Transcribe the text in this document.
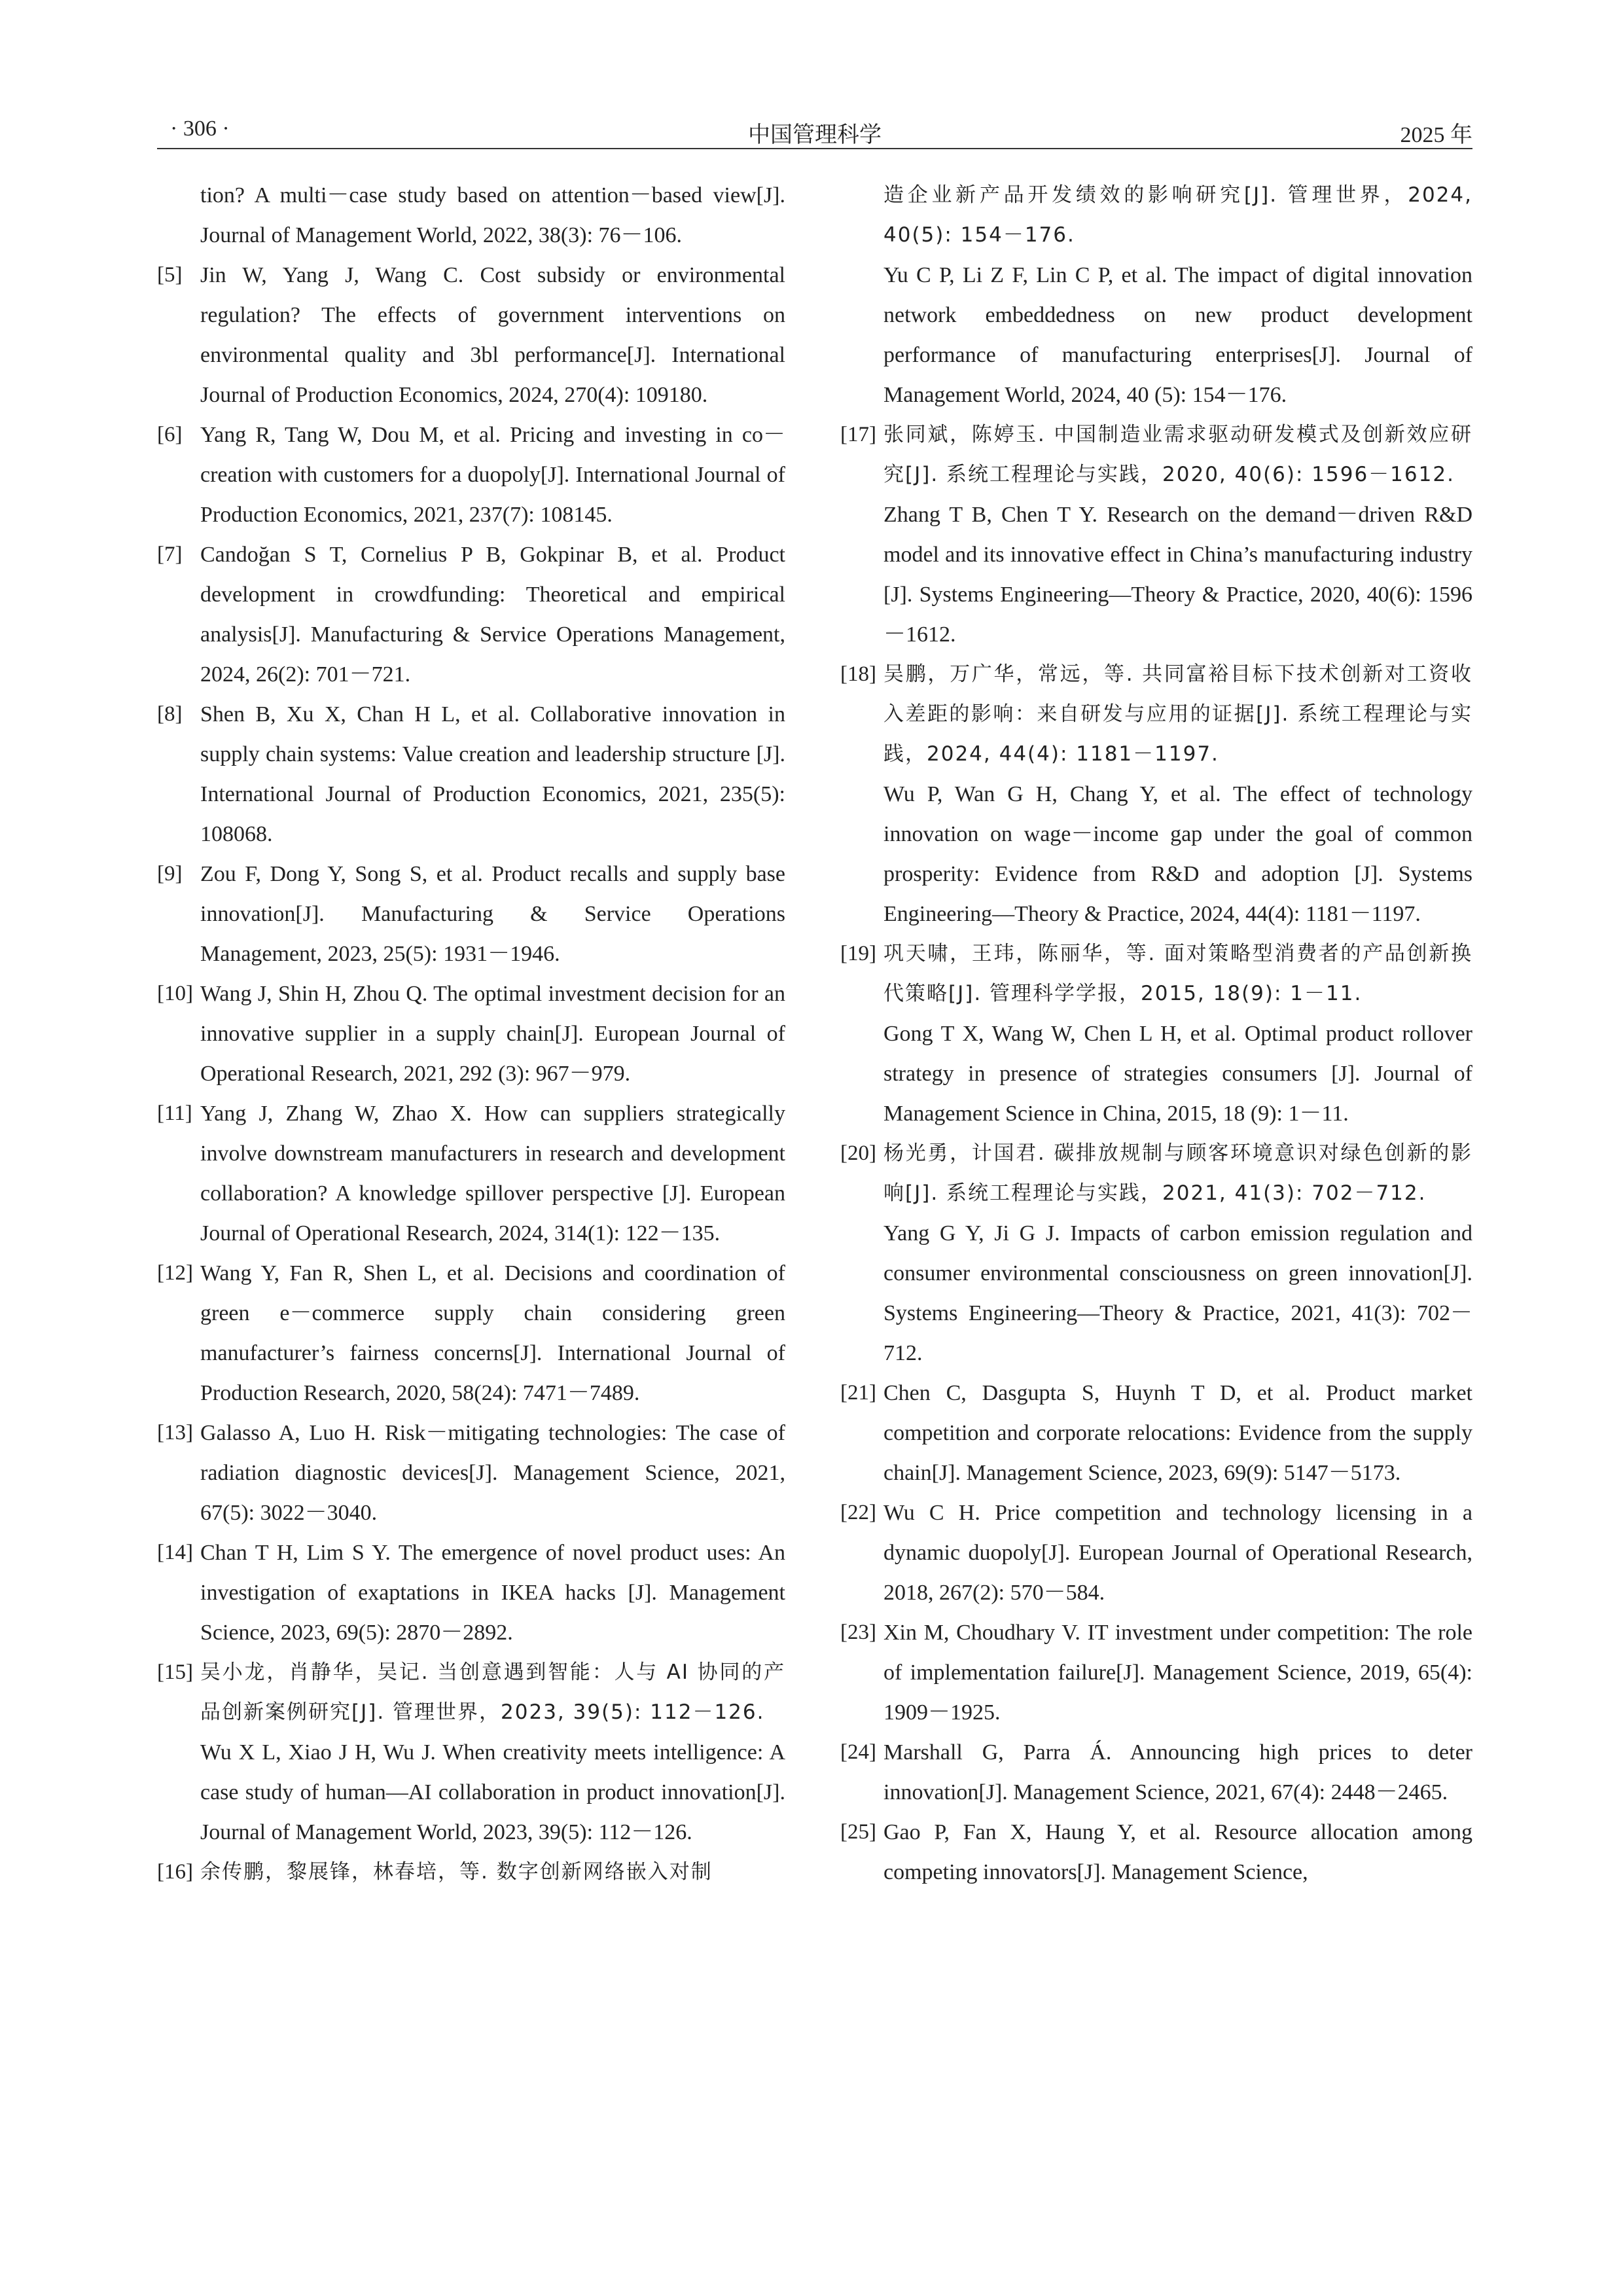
· 306 ·	中国管理科学	2025 年

tion? A multi－case study based on attention－based view[J]. Journal of Management World, 2022, 38(3): 76－106.

[5] Jin W, Yang J, Wang C. Cost subsidy or environmental regulation? The effects of government interventions on environmental quality and 3bl performance[J]. International Journal of Production Economics, 2024, 270(4): 109180.

[6] Yang R, Tang W, Dou M, et al. Pricing and investing in co－creation with customers for a duopoly[J]. International Journal of Production Economics, 2021, 237(7): 108145.

[7] Candoğan S T, Cornelius P B, Gokpinar B, et al. Product development in crowdfunding: Theoretical and empirical analysis[J]. Manufacturing & Service Operations Management, 2024, 26(2): 701－721.

[8] Shen B, Xu X, Chan H L, et al. Collaborative innovation in supply chain systems: Value creation and leadership structure [J]. International Journal of Production Economics, 2021, 235(5): 108068.

[9] Zou F, Dong Y, Song S, et al. Product recalls and supply base innovation[J]. Manufacturing & Service Operations Management, 2023, 25(5): 1931－1946.

[10] Wang J, Shin H, Zhou Q. The optimal investment decision for an innovative supplier in a supply chain[J]. European Journal of Operational Research, 2021, 292 (3): 967－979.

[11] Yang J, Zhang W, Zhao X. How can suppliers strategically involve downstream manufacturers in research and development collaboration? A knowledge spillover perspective [J]. European Journal of Operational Research, 2024, 314(1): 122－135.

[12] Wang Y, Fan R, Shen L, et al. Decisions and coordination of green e－commerce supply chain considering green manufacturer’s fairness concerns[J]. International Journal of Production Research, 2020, 58(24): 7471－7489.

[13] Galasso A, Luo H. Risk－mitigating technologies: The case of radiation diagnostic devices[J]. Management Science, 2021, 67(5): 3022－3040.

[14] Chan T H, Lim S Y. The emergence of novel product uses: An investigation of exaptations in IKEA hacks [J]. Management Science, 2023, 69(5): 2870－2892.

[15] 吴小龙，肖静华，吴记. 当创意遇到智能：人与 AI 协同的产品创新案例研究[J]. 管理世界，2023, 39(5): 112－126.

Wu X L, Xiao J H, Wu J. When creativity meets intelligence: A case study of human—AI collaboration in product innovation[J]. Journal of Management World, 2023, 39(5): 112－126.

[16] 余传鹏，黎展锋，林春培，等. 数字创新网络嵌入对制

造企业新产品开发绩效的影响研究[J]. 管理世界，2024, 40(5): 154－176.

Yu C P, Li Z F, Lin C P, et al. The impact of digital innovation network embeddedness on new product development performance of manufacturing enterprises[J]. Journal of Management World, 2024, 40 (5): 154－176.

[17] 张同斌，陈婷玉. 中国制造业需求驱动研发模式及创新效应研究[J]. 系统工程理论与实践，2020, 40(6): 1596－1612.

Zhang T B, Chen T Y. Research on the demand－driven R&D model and its innovative effect in China’s manufacturing industry [J]. Systems Engineering—Theory & Practice, 2020, 40(6): 1596－1612.

[18] 吴鹏，万广华，常远，等. 共同富裕目标下技术创新对工资收入差距的影响：来自研发与应用的证据[J]. 系统工程理论与实践，2024, 44(4): 1181－1197.

Wu P, Wan G H, Chang Y, et al. The effect of technology innovation on wage－income gap under the goal of common prosperity: Evidence from R&D and adoption [J]. Systems Engineering—Theory & Practice, 2024, 44(4): 1181－1197.

[19] 巩天啸，王玮，陈丽华，等. 面对策略型消费者的产品创新换代策略[J]. 管理科学学报，2015, 18(9): 1－11.

Gong T X, Wang W, Chen L H, et al. Optimal product rollover strategy in presence of strategies consumers [J]. Journal of Management Science in China, 2015, 18 (9): 1－11.

[20] 杨光勇，计国君. 碳排放规制与顾客环境意识对绿色创新的影响[J]. 系统工程理论与实践，2021, 41(3): 702－712.

Yang G Y, Ji G J. Impacts of carbon emission regulation and consumer environmental consciousness on green innovation[J]. Systems Engineering—Theory & Practice, 2021, 41(3): 702－712.

[21] Chen C, Dasgupta S, Huynh T D, et al. Product market competition and corporate relocations: Evidence from the supply chain[J]. Management Science, 2023, 69(9): 5147－5173.

[22] Wu C H. Price competition and technology licensing in a dynamic duopoly[J]. European Journal of Operational Research, 2018, 267(2): 570－584.

[23] Xin M, Choudhary V. IT investment under competition: The role of implementation failure[J]. Management Science, 2019, 65(4): 1909－1925.

[24] Marshall G, Parra Á. Announcing high prices to deter innovation[J]. Management Science, 2021, 67(4): 2448－2465.

[25] Gao P, Fan X, Haung Y, et al. Resource allocation among competing innovators[J]. Management Science,
